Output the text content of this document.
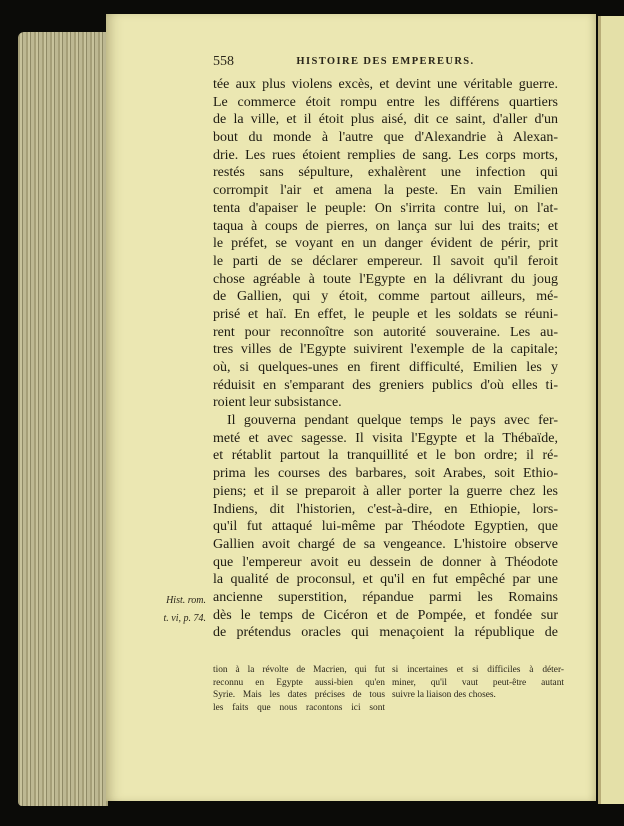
558	HISTOIRE DES EMPEREURS.
tée aux plus violens excès, et devint une véritable guerre.
Le commerce étoit rompu entre les différens quartiers
de la ville, et il étoit plus aisé, dit ce saint, d'aller d'un
bout du monde à l'autre que d'Alexandrie à Alexan-
drie. Les rues étoient remplies de sang. Les corps morts,
restés sans sépulture, exhalèrent une infection qui
corrompit l'air et amena la peste. En vain Emilien
tenta d'apaiser le peuple: On s'irrita contre lui, on l'at-
taqua à coups de pierres, on lança sur lui des traits; et
le préfet, se voyant en un danger évident de périr, prit
le parti de se déclarer empereur. Il savoit qu'il feroit
chose agréable à toute l'Egypte en la délivrant du joug
de Gallien, qui y étoit, comme partout ailleurs, mé-
prisé et haï. En effet, le peuple et les soldats se réuni-
rent pour reconnoître son autorité souveraine. Les au-
tres villes de l'Egypte suivirent l'exemple de la capitale;
où, si quelques-unes en firent difficulté, Emilien les y
réduisit en s'emparant des greniers publics d'où elles ti-
roient leur subsistance.
Il gouverna pendant quelque temps le pays avec fer-
meté et avec sagesse. Il visita l'Egypte et la Thébaïde,
et rétablit partout la tranquillité et le bon ordre; il ré-
prima les courses des barbares, soit Arabes, soit Ethio-
piens; et il se preparoit à aller porter la guerre chez les
Indiens, dit l'historien, c'est-à-dire, en Ethiopie, lors-
qu'il fut attaqué lui-même par Théodote Egyptien, que
Gallien avoit chargé de sa vengeance. L'histoire observe
que l'empereur avoit eu dessein de donner à Théodote
la qualité de proconsul, et qu'il en fut empêché par une
ancienne superstition, répandue parmi les Romains
dès le temps de Cicéron et de Pompée, et fondée sur
de prétendus oracles qui menaçoient la république de
Hist. rom.
t. vi, p. 74.
tion à la révolte de Macrien, qui fut
reconnu en Egypte aussi-bien qu'en
Syrie. Mais les dates précises de tous
les faits que nous racontons ici sont
si incertaines et si difficiles à déter-
miner, qu'il vaut peut-être autant
suivre la liaison des choses.
